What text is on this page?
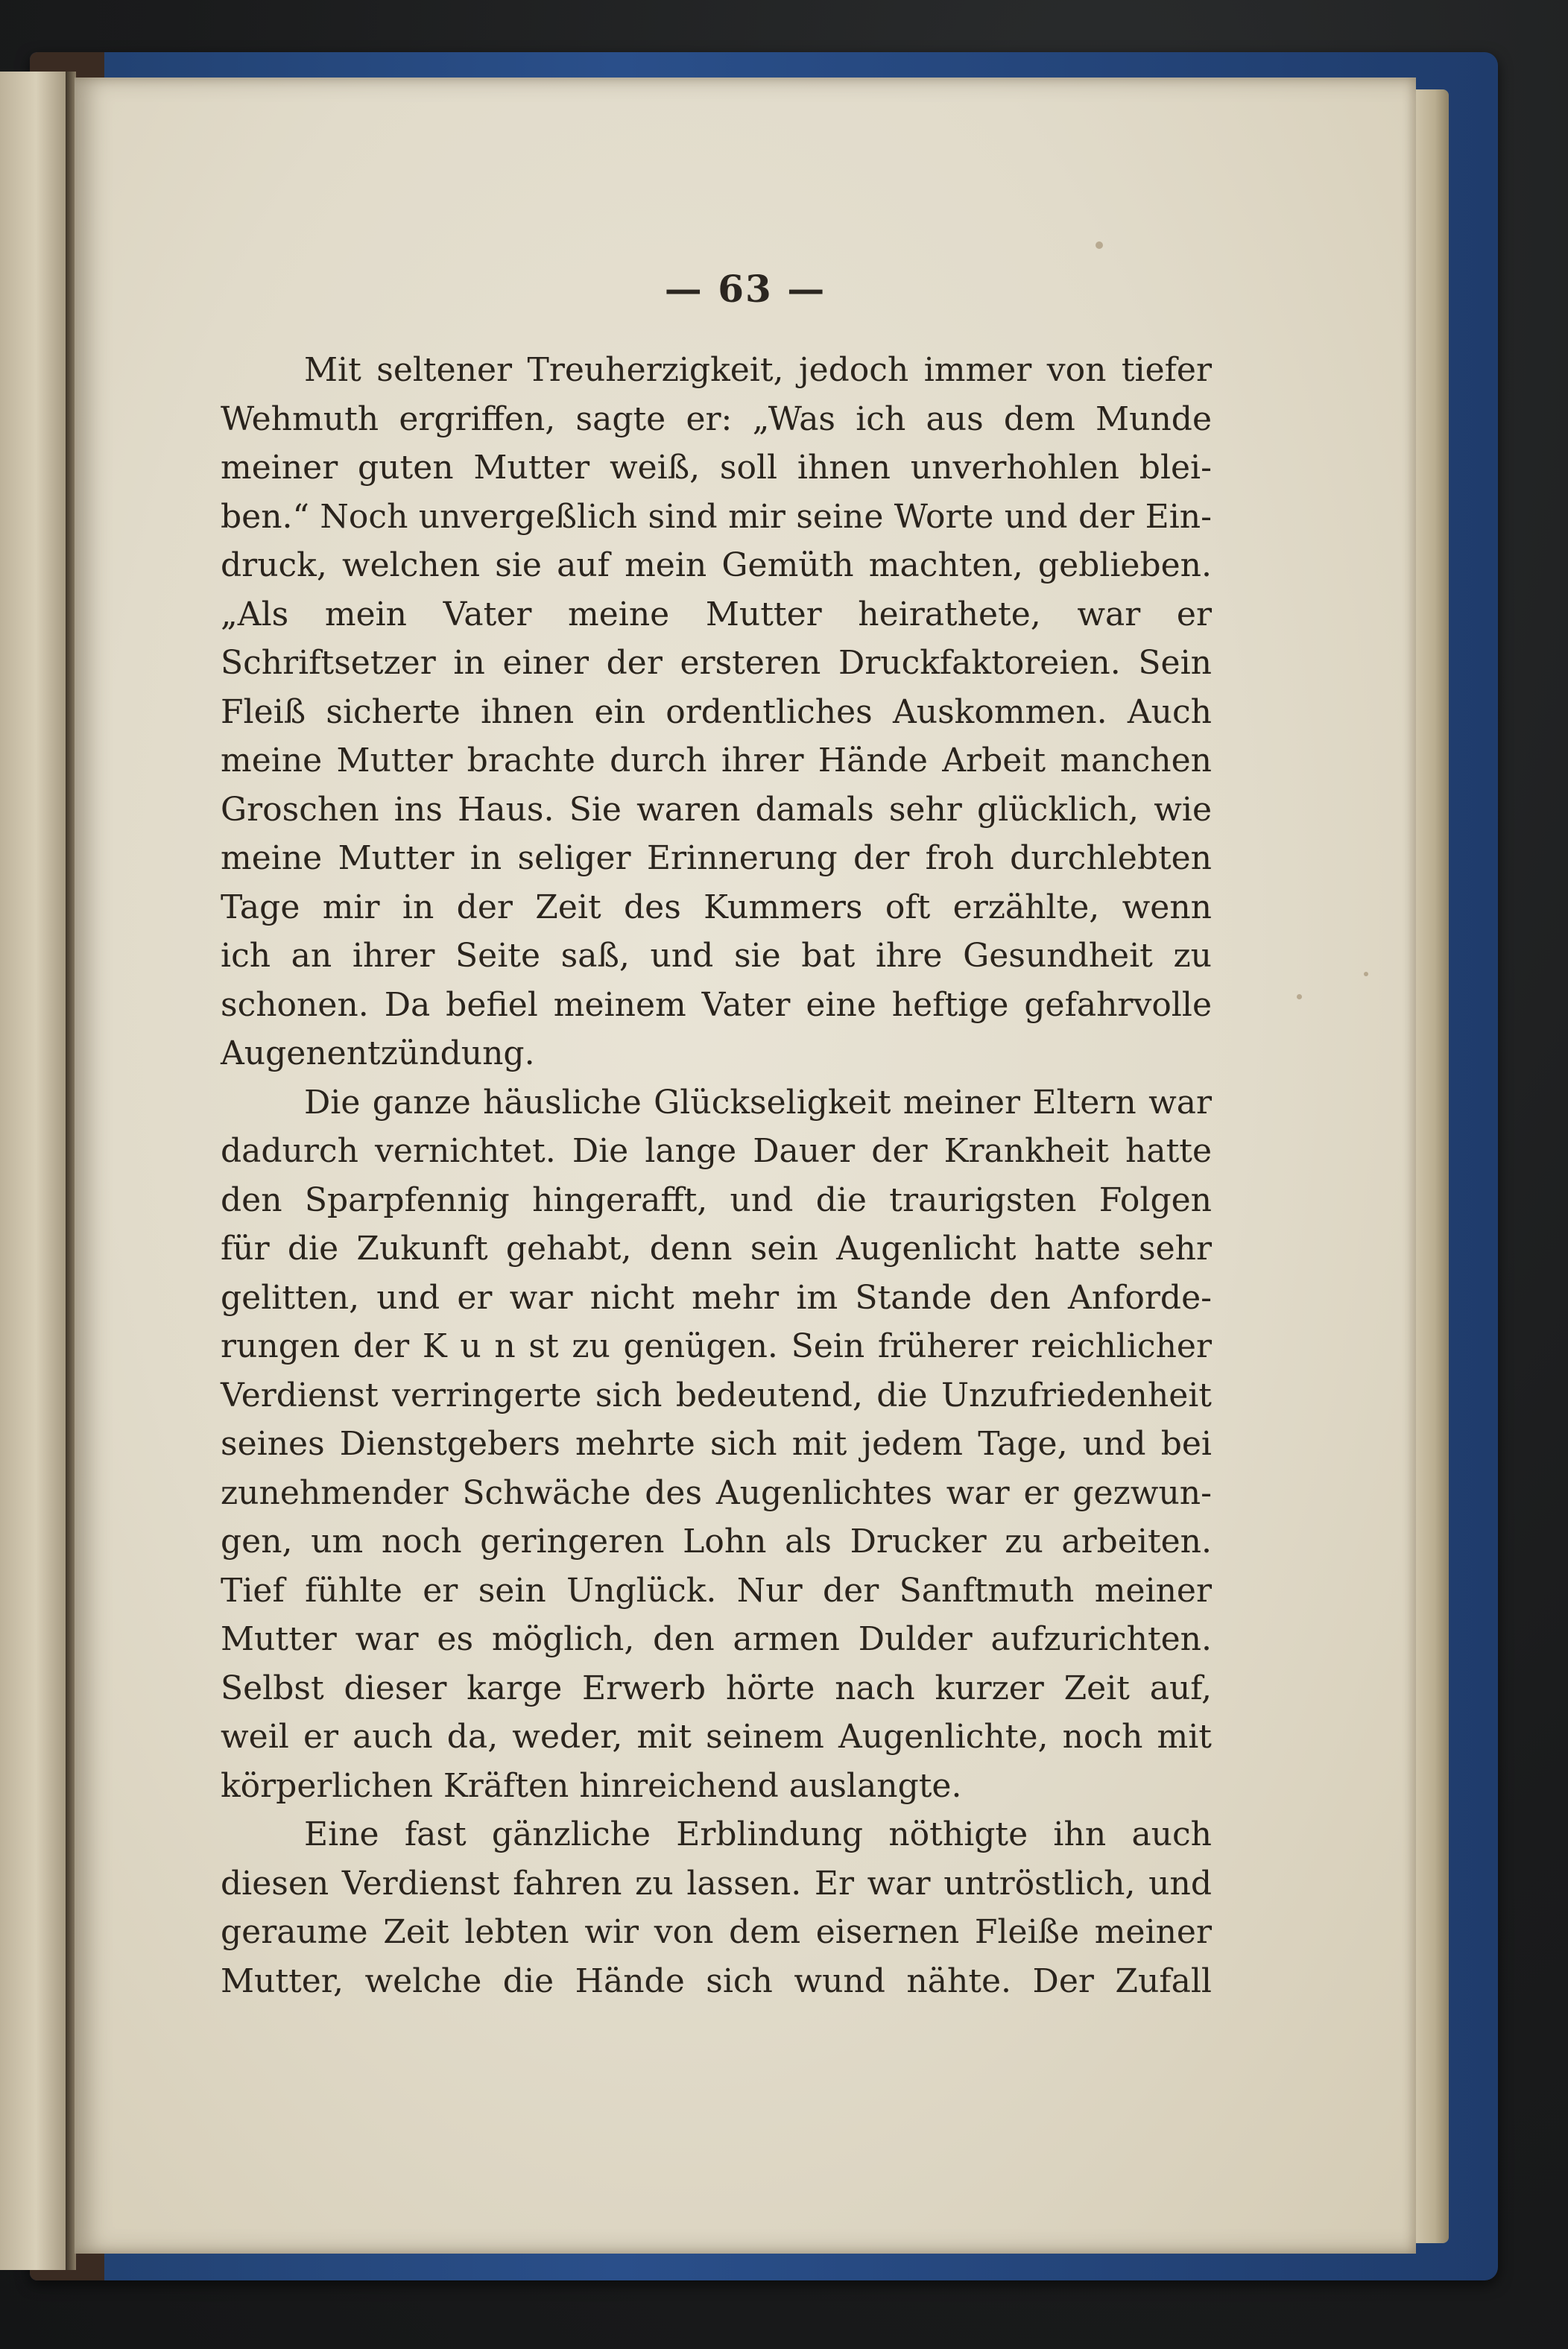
— 63 —
Mit seltener Treuherzigkeit, jedoch immer von tiefer
Wehmuth ergriffen, sagte er: „Was ich aus dem Munde
meiner guten Mutter weiß, soll ihnen unverhohlen blei-
ben.“ Noch unvergeßlich sind mir seine Worte und der Ein-
druck, welchen sie auf mein Gemüth machten, geblieben.
„Als mein Vater meine Mutter heirathete, war er
Schriftsetzer in einer der ersteren Druckfaktoreien. Sein
Fleiß sicherte ihnen ein ordentliches Auskommen. Auch
meine Mutter brachte durch ihrer Hände Arbeit manchen
Groschen ins Haus. Sie waren damals sehr glücklich, wie
meine Mutter in seliger Erinnerung der froh durchlebten
Tage mir in der Zeit des Kummers oft erzählte, wenn
ich an ihrer Seite saß, und sie bat ihre Gesundheit zu
schonen. Da befiel meinem Vater eine heftige gefahrvolle
Augenentzündung.
Die ganze häusliche Glückseligkeit meiner Eltern war
dadurch vernichtet. Die lange Dauer der Krankheit hatte
den Sparpfennig hingerafft, und die traurigsten Folgen
für die Zukunft gehabt, denn sein Augenlicht hatte sehr
gelitten, und er war nicht mehr im Stande den Anforde-
rungen der K u n st zu genügen. Sein früherer reichlicher
Verdienst verringerte sich bedeutend, die Unzufriedenheit
seines Dienstgebers mehrte sich mit jedem Tage, und bei
zunehmender Schwäche des Augenlichtes war er gezwun-
gen, um noch geringeren Lohn als Drucker zu arbeiten.
Tief fühlte er sein Unglück. Nur der Sanftmuth meiner
Mutter war es möglich, den armen Dulder aufzurichten.
Selbst dieser karge Erwerb hörte nach kurzer Zeit auf,
weil er auch da, weder, mit seinem Augenlichte, noch mit
körperlichen Kräften hinreichend auslangte.
Eine fast gänzliche Erblindung nöthigte ihn auch
diesen Verdienst fahren zu lassen. Er war untröstlich, und
geraume Zeit lebten wir von dem eisernen Fleiße meiner
Mutter, welche die Hände sich wund nähte. Der Zufall
